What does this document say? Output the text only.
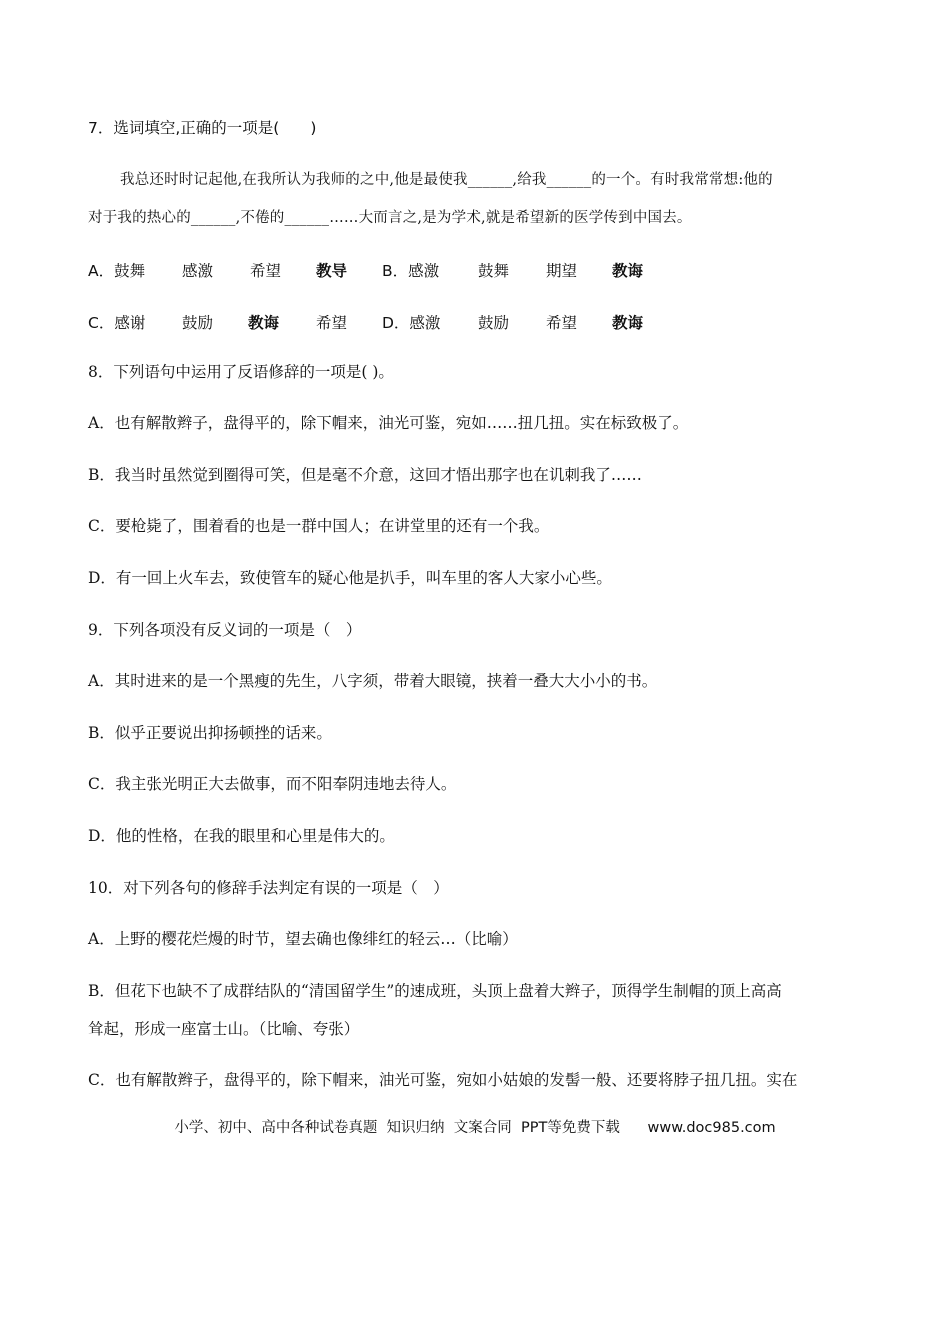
7．选词填空,正确的一项是(　　)
我总还时时记起他,在我所认为我师的之中,他是最使我______,给我______的一个。有时我常常想:他的
对于我的热心的______,不倦的______……大而言之,是为学术,就是希望新的医学传到中国去。
A．鼓舞 感激 希望 教导 B．感激	鼓舞 期望 教诲
C．感谢 鼓励 教诲 希望 D．感激 鼓励 希望 教诲
8．下列语句中运用了反语修辞的一项是( )。
A．也有解散辫子，盘得平的，除下帽来，油光可鉴，宛如……扭几扭。实在标致极了。
B．我当时虽然觉到圈得可笑，但是毫不介意，这回才悟出那字也在讥刺我了……
C．要枪毙了，围着看的也是一群中国人；在讲堂里的还有一个我。
D．有一回上火车去，致使管车的疑心他是扒手，叫车里的客人大家小心些。
9．下列各项没有反义词的一项是（　）
A．其时进来的是一个黑瘦的先生，八字须，带着大眼镜，挟着一叠大大小小的书。
B．似乎正要说出抑扬顿挫的话来。
C．我主张光明正大去做事，而不阳奉阴违地去待人。
D．他的性格，在我的眼里和心里是伟大的。
10．对下列各句的修辞手法判定有误的一项是（　）
A．上野的樱花烂熳的时节，望去确也像绯红的轻云…（比喻）
B．但花下也缺不了成群结队的“清国留学生”的速成班，头顶上盘着大辫子，顶得学生制帽的顶上高高
耸起，形成一座富士山。（比喻、夸张）
C．也有解散辫子，盘得平的，除下帽来，油光可鉴，宛如小姑娘的发髻一般、还要将脖子扭几扭。实在
小学、初中、高中各种试卷真题  知识归纳  文案合同  PPT等免费下载      www.doc985.com
